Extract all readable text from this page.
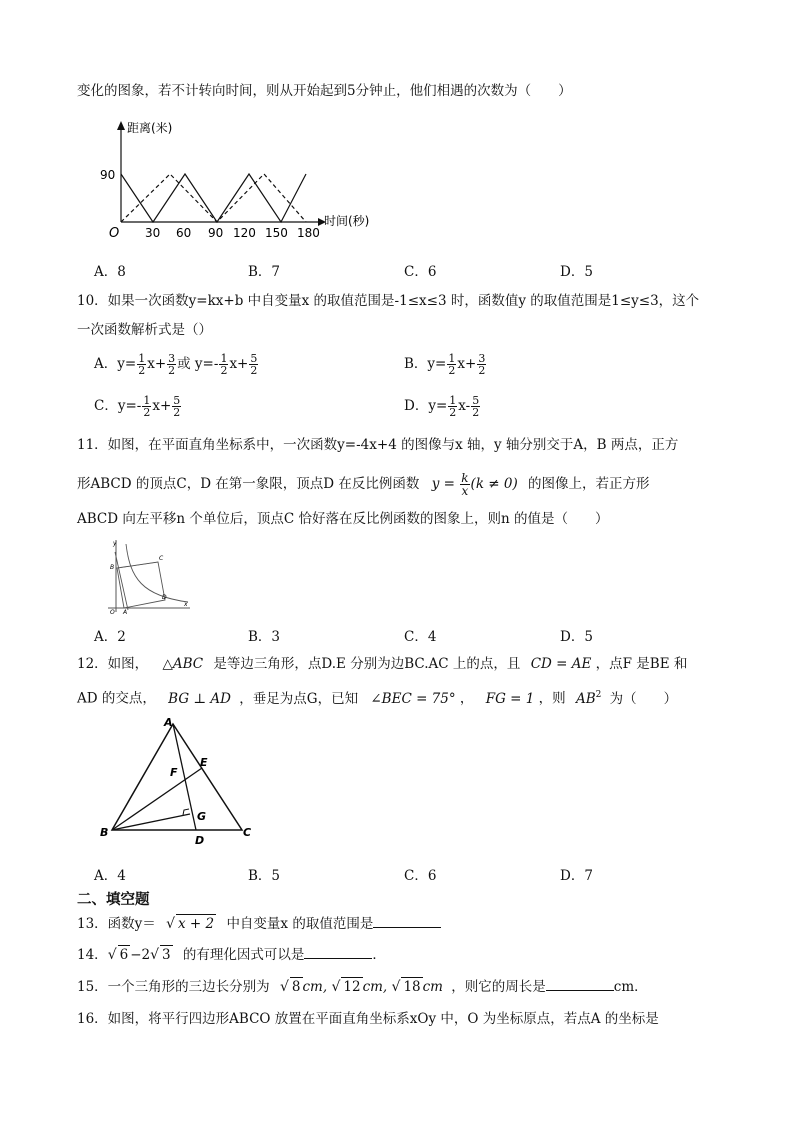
变化的图象，若不计转向时间，则从开始起到5分钟止，他们相遇的次数为（　　）
距离(米)
90
O 30 60 90 120 150 180
时间(秒)
A．8	B．7	C．6	D．5
10．如果一次函数y=kx+b 中自变量x 的取值范围是-1≤x≤3 时，函数值y 的取值范围是1≤y≤3，这个
一次函数解析式是（）
A．$y= \frac{1}{2} x+ \frac{3}{2}$ 或 $y=- \frac{1}{2} x+ \frac{5}{2}$	B．$y= \frac{1}{2} x+ \frac{3}{2}$
C．$y=- \frac{1}{2} x+ \frac{5}{2}$	D．$y= \frac{1}{2} x- \frac{5}{2}$
11．如图，在平面直角坐标系中，一次函数y=-4x+4 的图像与x 轴，y 轴分别交于A，B 两点，正方
形ABCD 的顶点C，D 在第一象限，顶点D 在反比例函数 $y = \frac{k}{x} (k \ne 0)$ 的图像上，若正方形
ABCD 向左平移n 个单位后，顶点C 恰好落在反比例函数的图象上，则n 的值是（　　）
y
x
O A
B
C
D
A．2	B．3	C．4	D．5
12．如图， △ABC 是等边三角形，点D.E 分别为边BC.AC 上的点，且 CD = AE ，点F 是BE 和
AD 的交点， BG ⊥ AD ，垂足为点G，已知 ∠BEC = 75° ， FG = 1 ，则 $AB^2$ 为（　　）
A
B	C
D
E
F
G
A．4	B．5	C．6	D．7
二、填空题
13．函数y＝ √ x + 2 中自变量x 的取值范围是
14．√ 6 −2√ 3 的有理化因式可以是	．
15．一个三角形的三边长分别为 √ 8 cm, √ 12 cm, √ 18 cm ，则它的周长是	cm．
16．如图，将平行四边形ABCO 放置在平面直角坐标系xOy 中，O 为坐标原点，若点A 的坐标是
